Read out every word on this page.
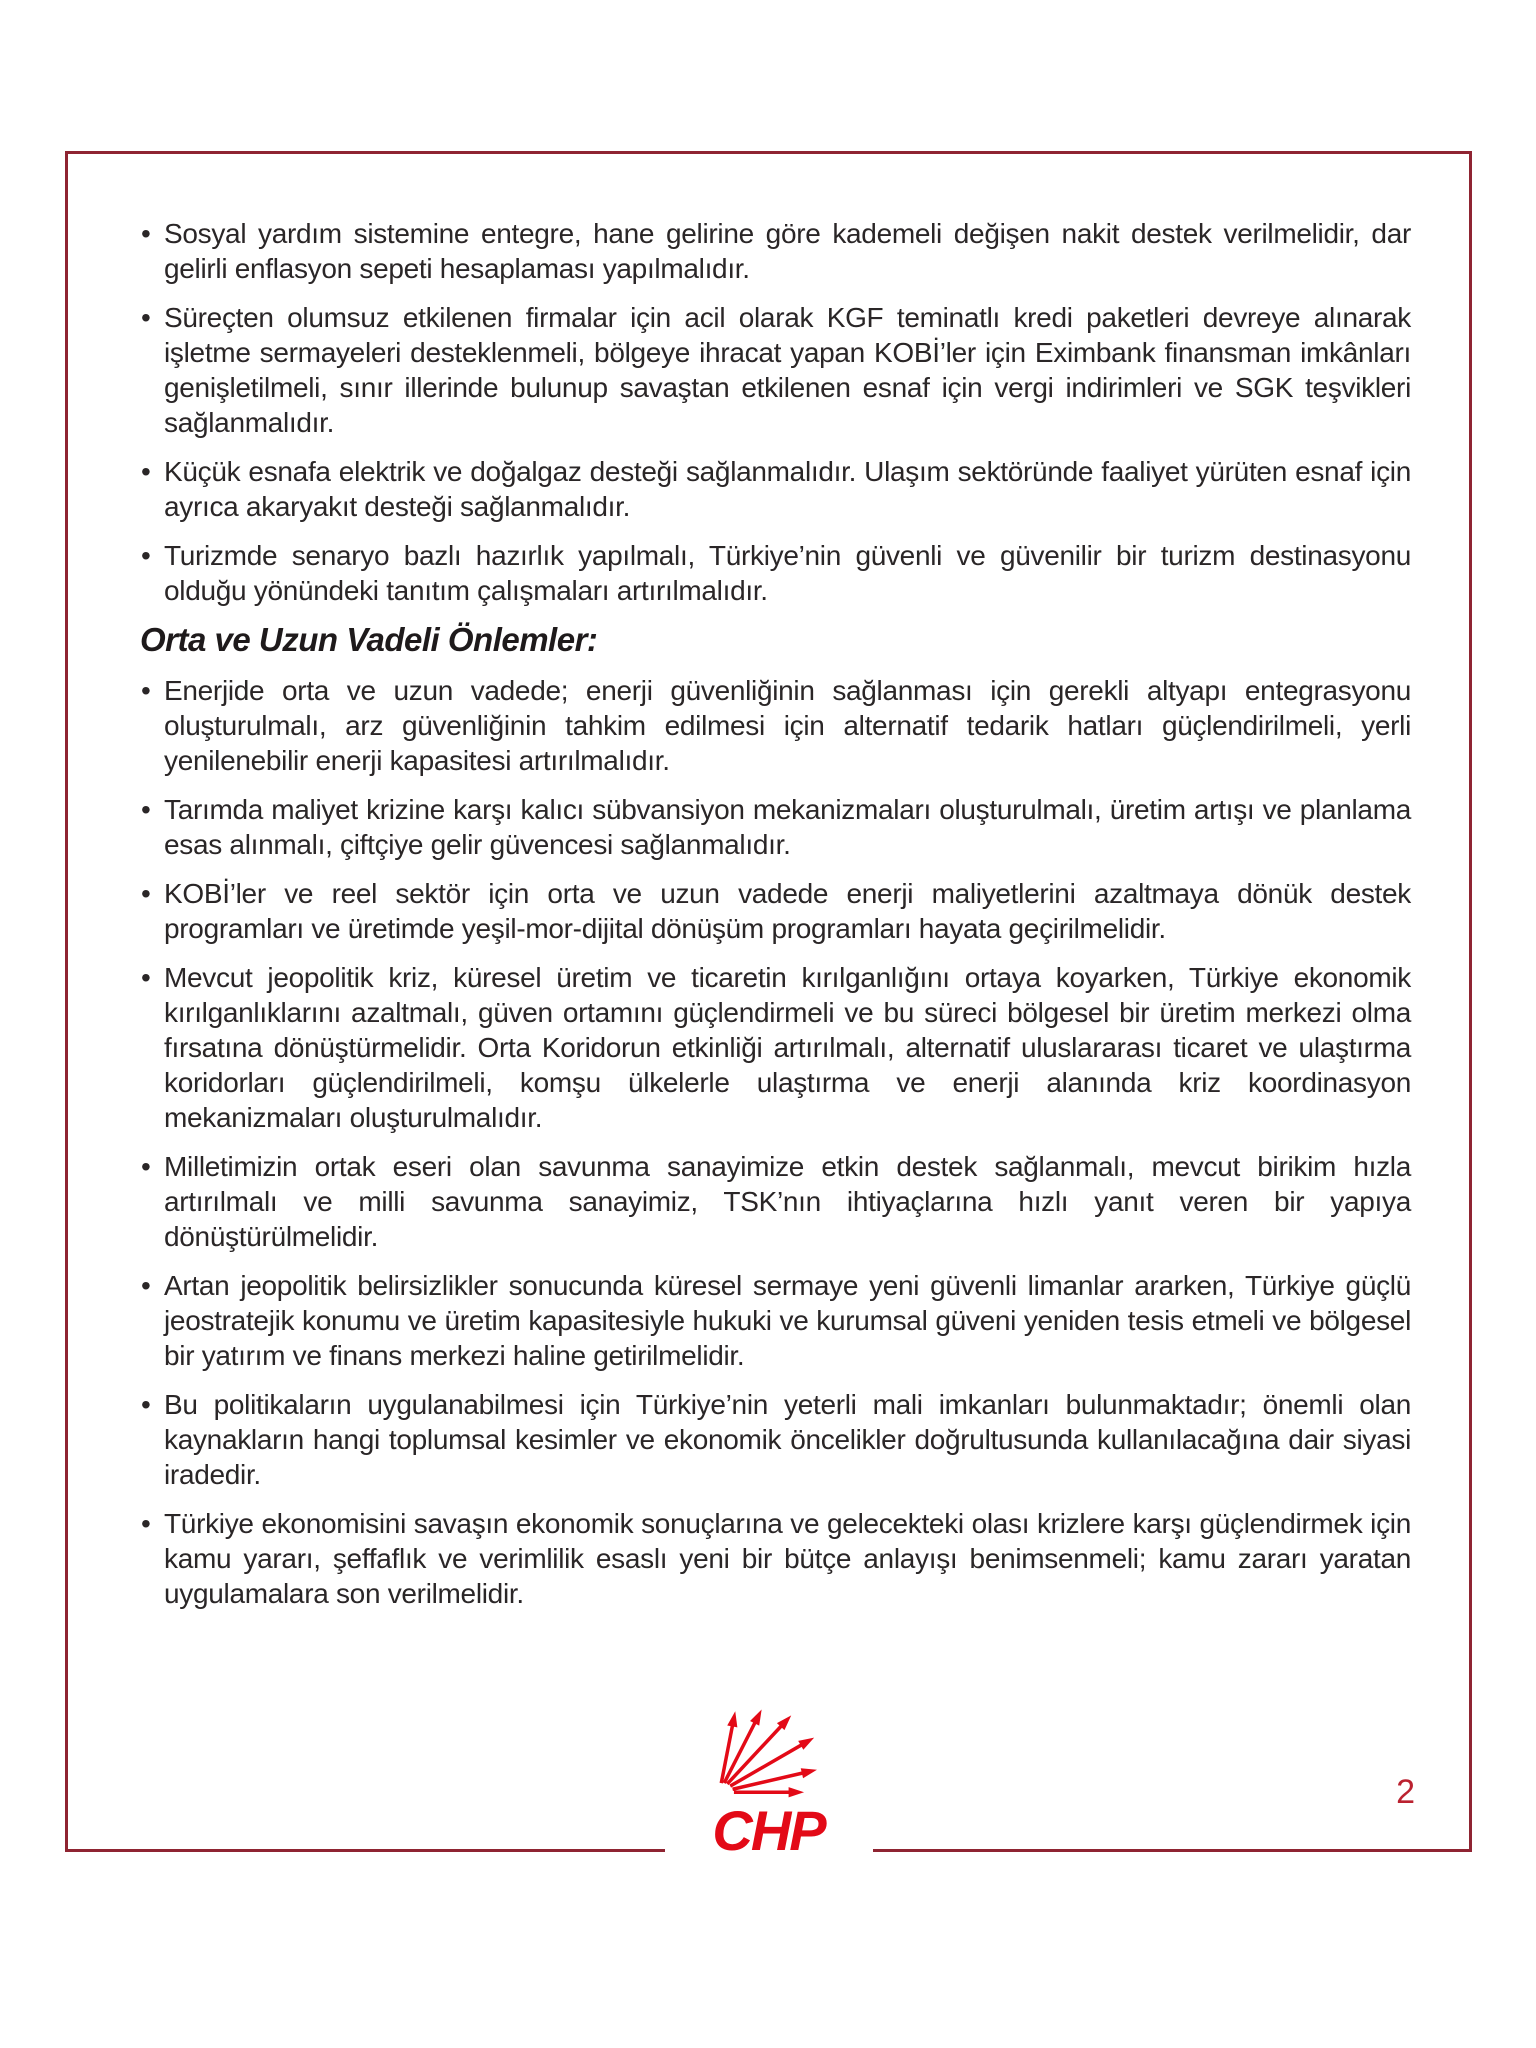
• Sosyal yardım sistemine entegre, hane gelirine göre kademeli değişen nakit destek verilmelidir, dar gelirli enflasyon sepeti hesaplaması yapılmalıdır.
• Süreçten olumsuz etkilenen firmalar için acil olarak KGF teminatlı kredi paketleri devreye alınarak işletme sermayeleri desteklenmeli, bölgeye ihracat yapan KOBİ’ler için Eximbank finansman imkânları genişletilmeli, sınır illerinde bulunup savaştan etkilenen esnaf için vergi indirimleri ve SGK teşvikleri sağlanmalıdır.
• Küçük esnafa elektrik ve doğalgaz desteği sağlanmalıdır. Ulaşım sektöründe faaliyet yürüten esnaf için ayrıca akaryakıt desteği sağlanmalıdır.
• Turizmde senaryo bazlı hazırlık yapılmalı, Türkiye’nin güvenli ve güvenilir bir turizm destinasyonu olduğu yönündeki tanıtım çalışmaları artırılmalıdır.
Orta ve Uzun Vadeli Önlemler:
• Enerjide orta ve uzun vadede; enerji güvenliğinin sağlanması için gerekli altyapı entegrasyonu oluşturulmalı, arz güvenliğinin tahkim edilmesi için alternatif tedarik hatları güçlendirilmeli, yerli yenilenebilir enerji kapasitesi artırılmalıdır.
• Tarımda maliyet krizine karşı kalıcı sübvansiyon mekanizmaları oluşturulmalı, üretim artışı ve planlama esas alınmalı, çiftçiye gelir güvencesi sağlanmalıdır.
• KOBİ’ler ve reel sektör için orta ve uzun vadede enerji maliyetlerini azaltmaya dönük destek programları ve üretimde yeşil-mor-dijital dönüşüm programları hayata geçirilmelidir.
• Mevcut jeopolitik kriz, küresel üretim ve ticaretin kırılganlığını ortaya koyarken, Türkiye ekonomik kırılganlıklarını azaltmalı, güven ortamını güçlendirmeli ve bu süreci bölgesel bir üretim merkezi olma fırsatına dönüştürmelidir. Orta Koridorun etkinliği artırılmalı, alternatif uluslararası ticaret ve ulaştırma koridorları güçlendirilmeli, komşu ülkelerle ulaştırma ve enerji alanında kriz koordinasyon mekanizmaları oluşturulmalıdır.
• Milletimizin ortak eseri olan savunma sanayimize etkin destek sağlanmalı, mevcut birikim hızla artırılmalı ve milli savunma sanayimiz, TSK’nın ihtiyaçlarına hızlı yanıt veren bir yapıya dönüştürülmelidir.
• Artan jeopolitik belirsizlikler sonucunda küresel sermaye yeni güvenli limanlar ararken, Türkiye güçlü jeostratejik konumu ve üretim kapasitesiyle hukuki ve kurumsal güveni yeniden tesis etmeli ve bölgesel bir yatırım ve finans merkezi haline getirilmelidir.
• Bu politikaların uygulanabilmesi için Türkiye’nin yeterli mali imkanları bulunmaktadır; önemli olan kaynakların hangi toplumsal kesimler ve ekonomik öncelikler doğrultusunda kullanılacağına dair siyasi iradedir.
• Türkiye ekonomisini savaşın ekonomik sonuçlarına ve gelecekteki olası krizlere karşı güçlendirmek için kamu yararı, şeffaflık ve verimlilik esaslı yeni bir bütçe anlayışı benimsenmeli; kamu zararı yaratan uygulamalara son verilmelidir.
2
CHP
